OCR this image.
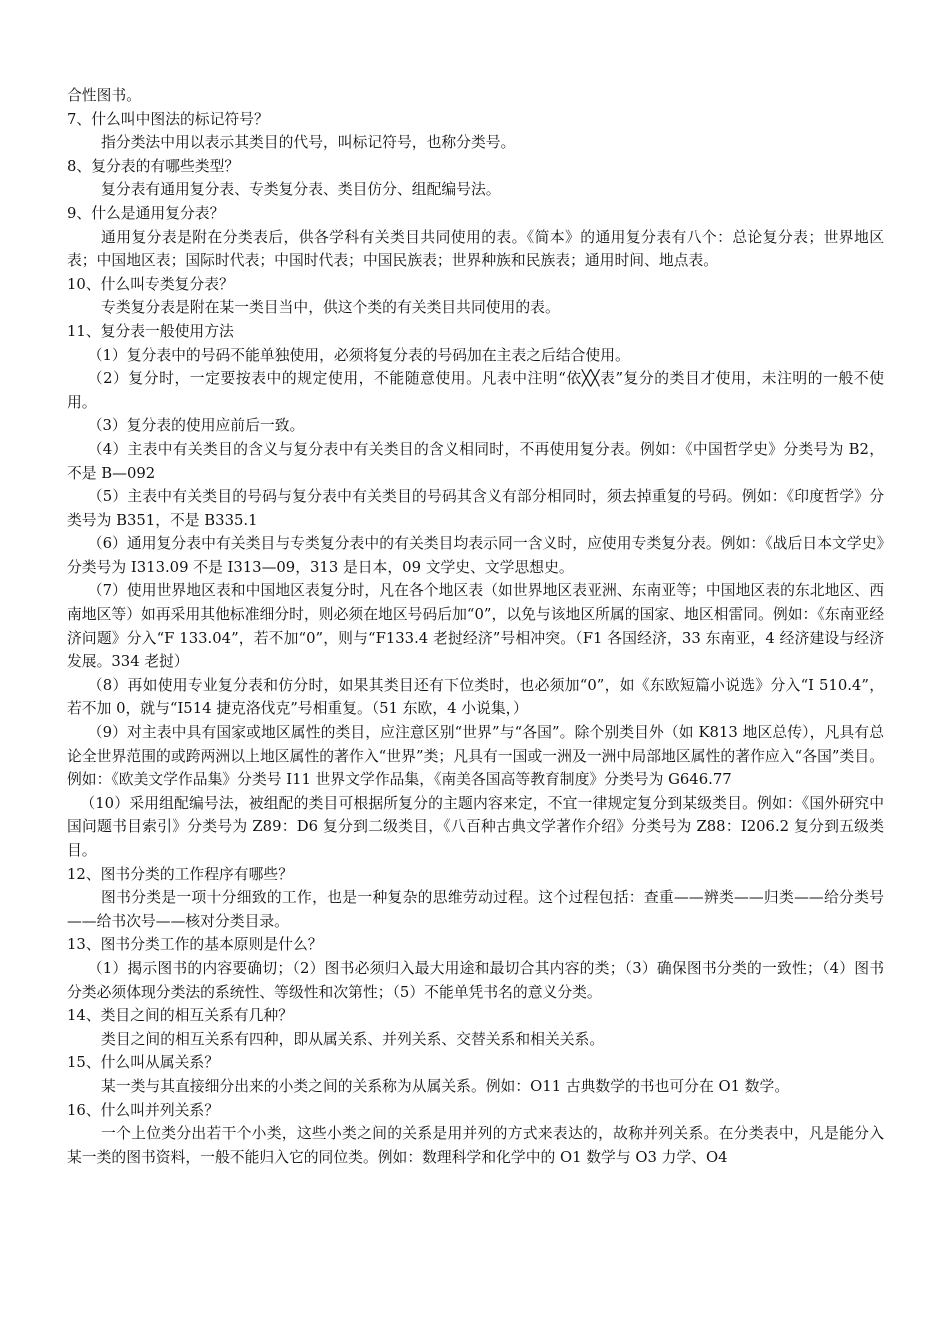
合性图书。

7、什么叫中图法的标记符号？

指分类法中用以表示其类目的代号，叫标记符号，也称分类号。

8、复分表的有哪些类型？

复分表有通用复分表、专类复分表、类目仿分、组配编号法。

9、什么是通用复分表？

通用复分表是附在分类表后，供各学科有关类目共同使用的表。《简本》的通用复分表有八个：总论复分表；世界地区表；中国地区表；国际时代表；中国时代表；中国民族表；世界种族和民族表；通用时间、地点表。

10、什么叫专类复分表？

专类复分表是附在某一类目当中，供这个类的有关类目共同使用的表。

11、复分表一般使用方法

（1）复分表中的号码不能单独使用，必须将复分表的号码加在主表之后结合使用。

（2）复分时，一定要按表中的规定使用，不能随意使用。凡表中注明“依╳╳表”复分的类目才使用，未注明的一般不使用。

（3）复分表的使用应前后一致。

（4）主表中有关类目的含义与复分表中有关类目的含义相同时，不再使用复分表。例如：《中国哲学史》分类号为 B2，不是 B—092

（5）主表中有关类目的号码与复分表中有关类目的号码其含义有部分相同时，须去掉重复的号码。例如：《印度哲学》分类号为 B351，不是 B335.1

（6）通用复分表中有关类目与专类复分表中的有关类目均表示同一含义时，应使用专类复分表。例如：《战后日本文学史》分类号为 I313.09 不是 I313—09，313 是日本，09 文学史、文学思想史。

（7）使用世界地区表和中国地区表复分时，凡在各个地区表（如世界地区表亚洲、东南亚等；中国地区表的东北地区、西南地区等）如再采用其他标准细分时，则必须在地区号码后加“0”，以免与该地区所属的国家、地区相雷同。例如：《东南亚经济问题》分入“F 133.04”，若不加“0”，则与“F133.4 老挝经济”号相冲突。（F1 各国经济，33 东南亚，4 经济建设与经济发展。334 老挝）

（8）再如使用专业复分表和仿分时，如果其类目还有下位类时，也必须加“0”，如《东欧短篇小说选》分入“I 510.4”，若不加 0，就与“I514 捷克洛伐克”号相重复。（51 东欧，4 小说集，）

（9）对主表中具有国家或地区属性的类目，应注意区别“世界”与“各国”。除个别类目外（如 K813 地区总传），凡具有总论全世界范围的或跨两洲以上地区属性的著作入“世界”类；凡具有一国或一洲及一洲中局部地区属性的著作应入“各国”类目。例如：《欧美文学作品集》分类号 I11 世界文学作品集，《南美各国高等教育制度》分类号为 G646.77

（10）采用组配编号法，被组配的类目可根据所复分的主题内容来定，不宜一律规定复分到某级类目。例如：《国外研究中国问题书目索引》分类号为 Z89：D6 复分到二级类目，《八百种古典文学著作介绍》分类号为 Z88：I206.2 复分到五级类目。

12、图书分类的工作程序有哪些？

图书分类是一项十分细致的工作，也是一种复杂的思维劳动过程。这个过程包括：查重——辨类——归类——给分类号——给书次号——核对分类目录。

13、图书分类工作的基本原则是什么？

（1）揭示图书的内容要确切；（2）图书必须归入最大用途和最切合其内容的类；（3）确保图书分类的一致性；（4）图书分类必须体现分类法的系统性、等级性和次第性；（5）不能单凭书名的意义分类。

14、类目之间的相互关系有几种？

类目之间的相互关系有四种，即从属关系、并列关系、交替关系和相关关系。

15、什么叫从属关系？

某一类与其直接细分出来的小类之间的关系称为从属关系。例如：O11 古典数学的书也可分在 O1 数学。

16、什么叫并列关系？

一个上位类分出若干个小类，这些小类之间的关系是用并列的方式来表达的，故称并列关系。在分类表中，凡是能分入某一类的图书资料，一般不能归入它的同位类。例如：数理科学和化学中的 O1 数学与 O3 力学、O4
